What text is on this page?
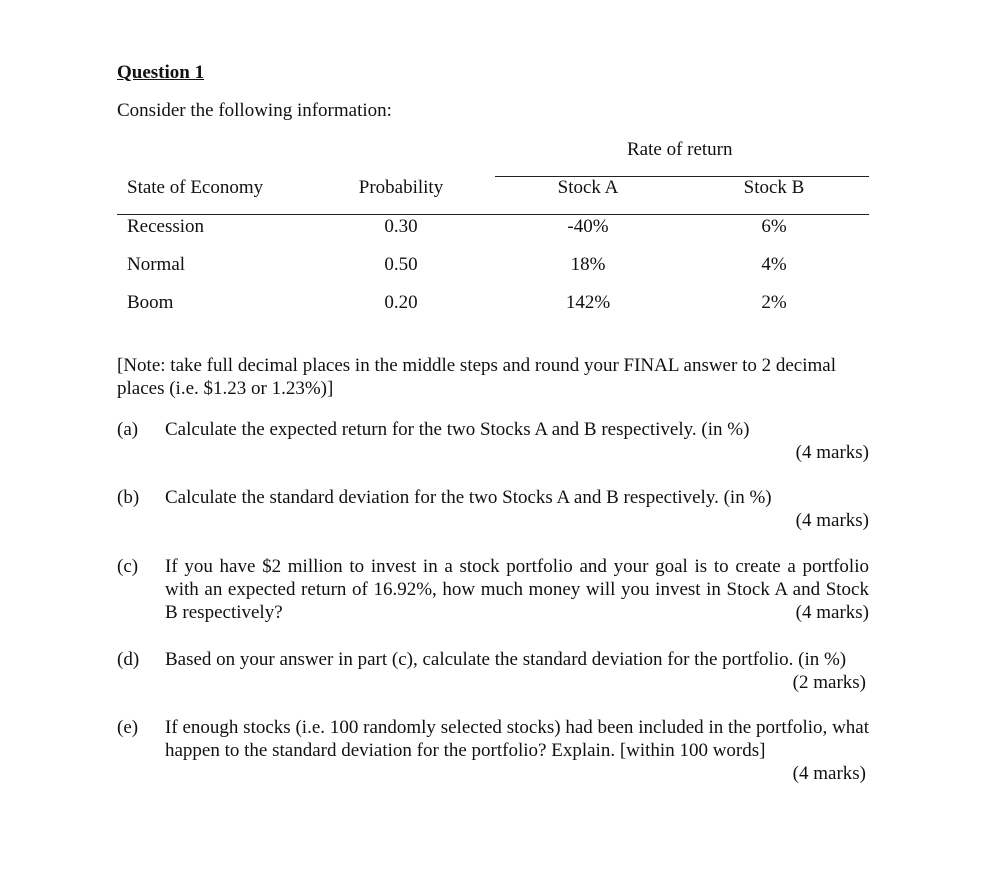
Question 1
Consider the following information:
Rate of return
State of Economy	Probability	Stock A	Stock B
Recession	0.30	-40%	6%
Normal	0.50	18%	4%
Boom	0.20	142%	2%
[Note: take full decimal places in the middle steps and round your FINAL answer to 2 decimal places (i.e. $1.23 or 1.23%)]
(a) Calculate the expected return for the two Stocks A and B respectively. (in %)
(4 marks)
(b) Calculate the standard deviation for the two Stocks A and B respectively. (in %)
(4 marks)
(c) If you have $2 million to invest in a stock portfolio and your goal is to create a portfolio with an expected return of 16.92%, how much money will you invest in Stock A and Stock B respectively?	(4 marks)
(d) Based on your answer in part (c), calculate the standard deviation for the portfolio. (in %)
(2 marks)
(e) If enough stocks (i.e. 100 randomly selected stocks) had been included in the portfolio, what happen to the standard deviation for the portfolio? Explain. [within 100 words]
(4 marks)
